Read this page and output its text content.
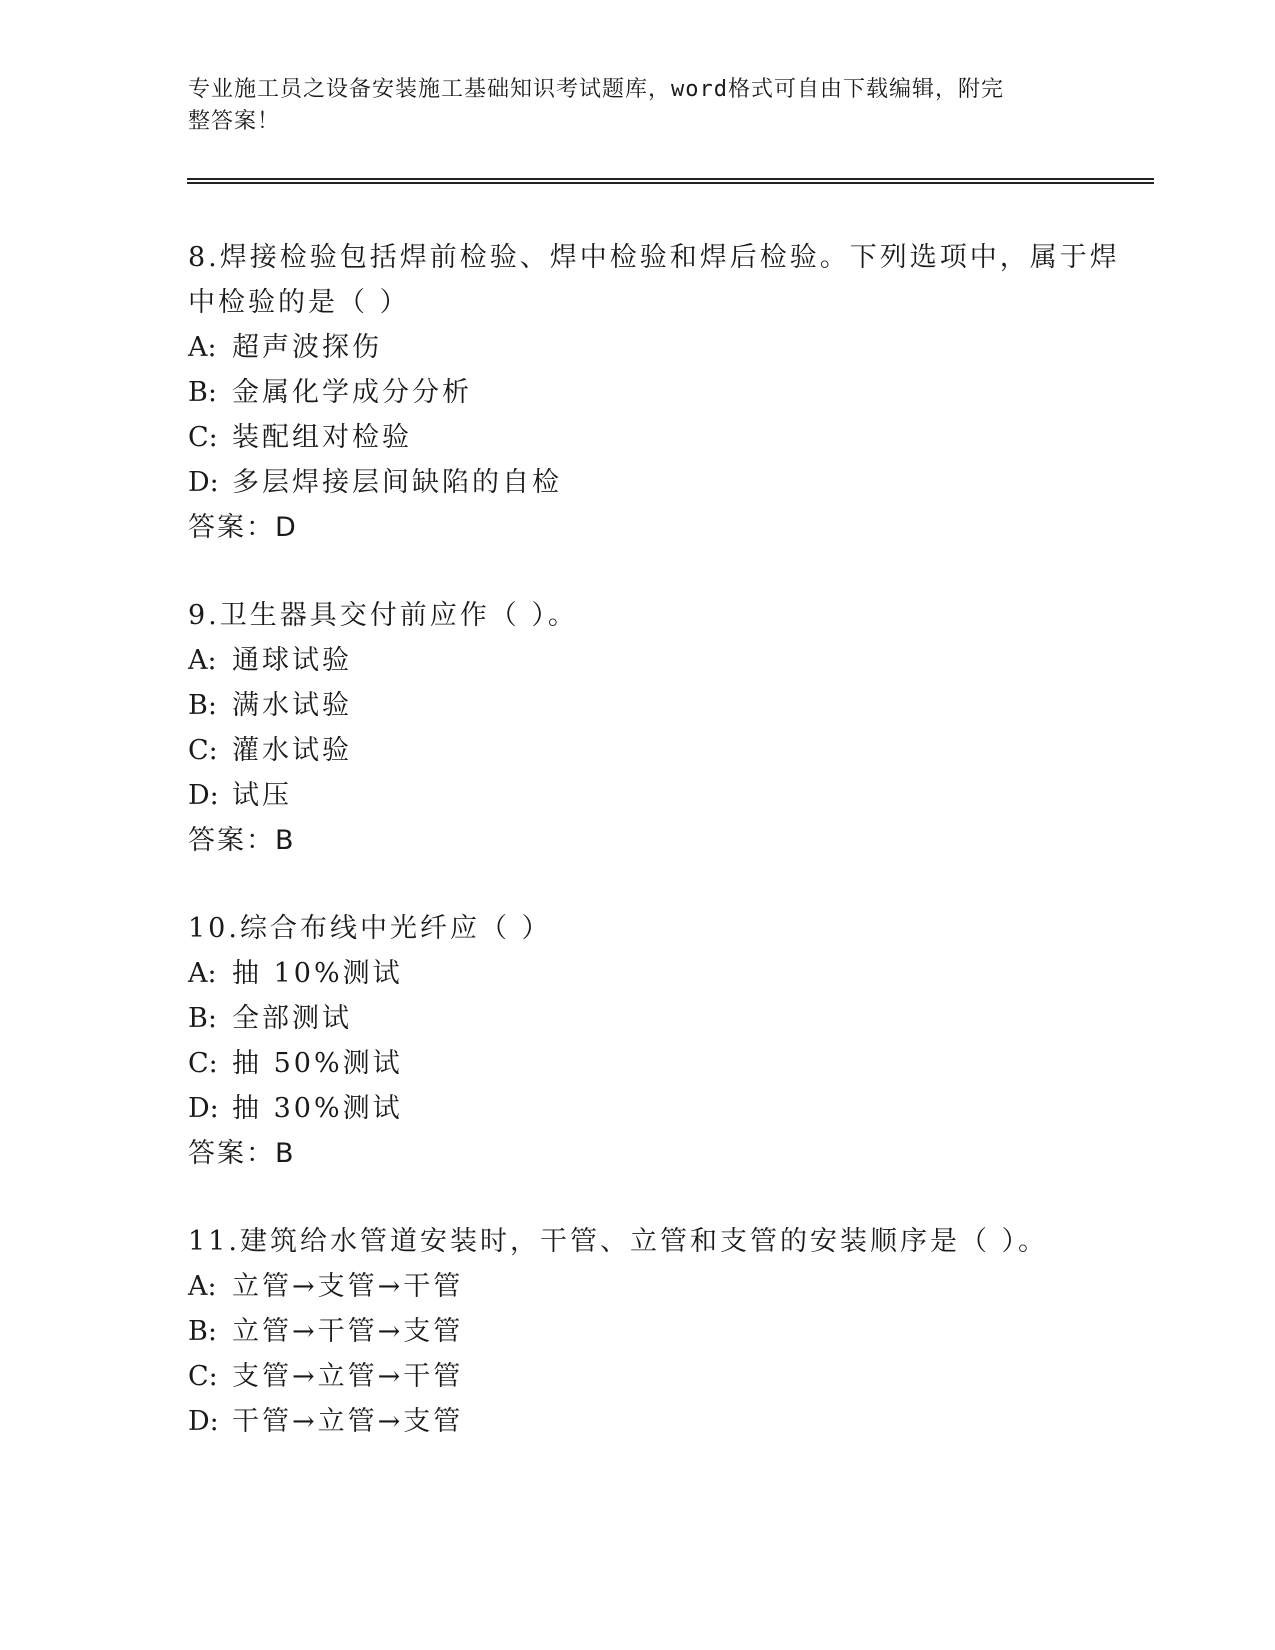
专业施工员之设备安装施工基础知识考试题库，word格式可自由下载编辑，附完
整答案！
8.焊接检验包括焊前检验、焊中检验和焊后检验。下列选项中，属于焊中检验的是（ ）
A: 超声波探伤
B: 金属化学成分分析
C: 装配组对检验
D: 多层焊接层间缺陷的自检
答案：D
9.卫生器具交付前应作（ ）。
A: 通球试验
B: 满水试验
C: 灌水试验
D: 试压
答案：B
10.综合布线中光纤应（ ）
A: 抽 10%测试
B: 全部测试
C: 抽 50%测试
D: 抽 30%测试
答案：B
11.建筑给水管道安装时，干管、立管和支管的安装顺序是（ ）。
A: 立管→支管→干管
B: 立管→干管→支管
C: 支管→立管→干管
D: 干管→立管→支管
